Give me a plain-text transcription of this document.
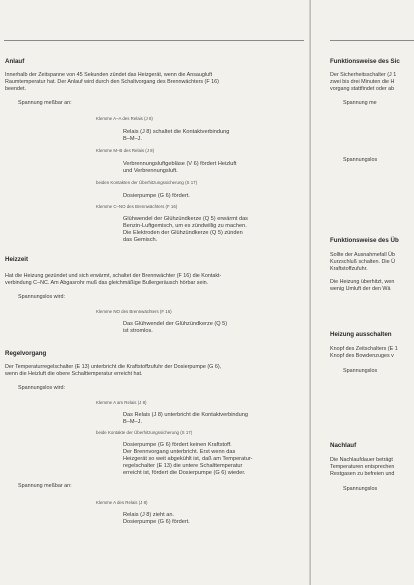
Anlauf
Innerhalb der Zeitspanne von 45 Sekunden zündet das Heizgerät, wenn die Ansaugluft
Raumtemperatur hat. Der Anlauf wird durch den Schaltvorgang des Brennwächters (F 16)
beendet.
Spannung meßbar an:
Klemme A–A des Relais (J 8)
Relais (J 8) schaltet die Kontaktverbindung
B–M–J.
Klemme M–B des Relais (J 8)
Verbrennungsluftgebläse (V 6) fördert Heizluft
und Verbrennungsluft.
beiden Kontakten der Überhitzungssicherung (S 17)
Dosierpumpe (G 6) fördert.
Klemme C–NO des Brennwächters (F 16)
Glühwendel der Glühzündkerze (Q 5) erwärmt das
Benzin-Luftgemisch, um es zündwillig zu machen.
Die Elektroden der Glühzündkerze (Q 5) zünden
das Gemisch.
Heizzeit
Hat die Heizung gezündet und sich erwärmt, schaltet der Brennwächter (F 16) die Kontakt-
verbindung C–NC. Am Abgasrohr muß das gleichmäßige Bullergeräusch hörbar sein.
Spannungslos wird:
Klemme NO des Brennwächters (F 16)
Das Glühwendel der Glühzündkerze (Q 5)
ist stromlos.
Regelvorgang
Der Temperaturregelschalter (E 13) unterbricht die Kraftstoffzufuhr der Dosierpumpe (G 6),
wenn die Heizluft die obere Schalttemperatur erreicht hat.
Spannungslos wird:
Klemme A am Relais (J 8)
Das Relais (J 8) unterbricht die Kontaktverbindung
B–M–J.
beide Kontakte der Überhitzungssicherung (S 17)
Dosierpumpe (G 6) fördert keinen Kraftstoff.
Der Brennvorgang unterbricht. Erst wenn das
Heizgerät so weit abgekühlt ist, daß am Temperatur-
regelschalter (E 13) die untere Schalttemperatur
erreicht ist, fördert die Dosierpumpe (G 6) wieder.
Spannung meßbar an:
Klemme A des Relais (J 8)
Relais (J 8) zieht an.
Dosierpumpe (G 6) fördert.
Funktionsweise des Sic
Der Sicherheitsschalter (J 1
zwei bis drei Minuten die H
vorgang stattfindet oder ab
Spannung me
Spannungslos
Funktionsweise des Üb
Sollte der Ausnahmefall Üb
Kurzschluß schalten. Die Ü
Kraftstoffzufuhr.
Die Heizung überhitzt, wen
wenig Umluft der den Wä
Heizung ausschalten
Knopf des Zeitschalters (E 1
Knopf des Bowdenzuges v
Spannungslos
Nachlauf
Die Nachlaufdauer beträgt
Temperaturen entsprechen
Restgasen zu befreien und
Spannungslos
